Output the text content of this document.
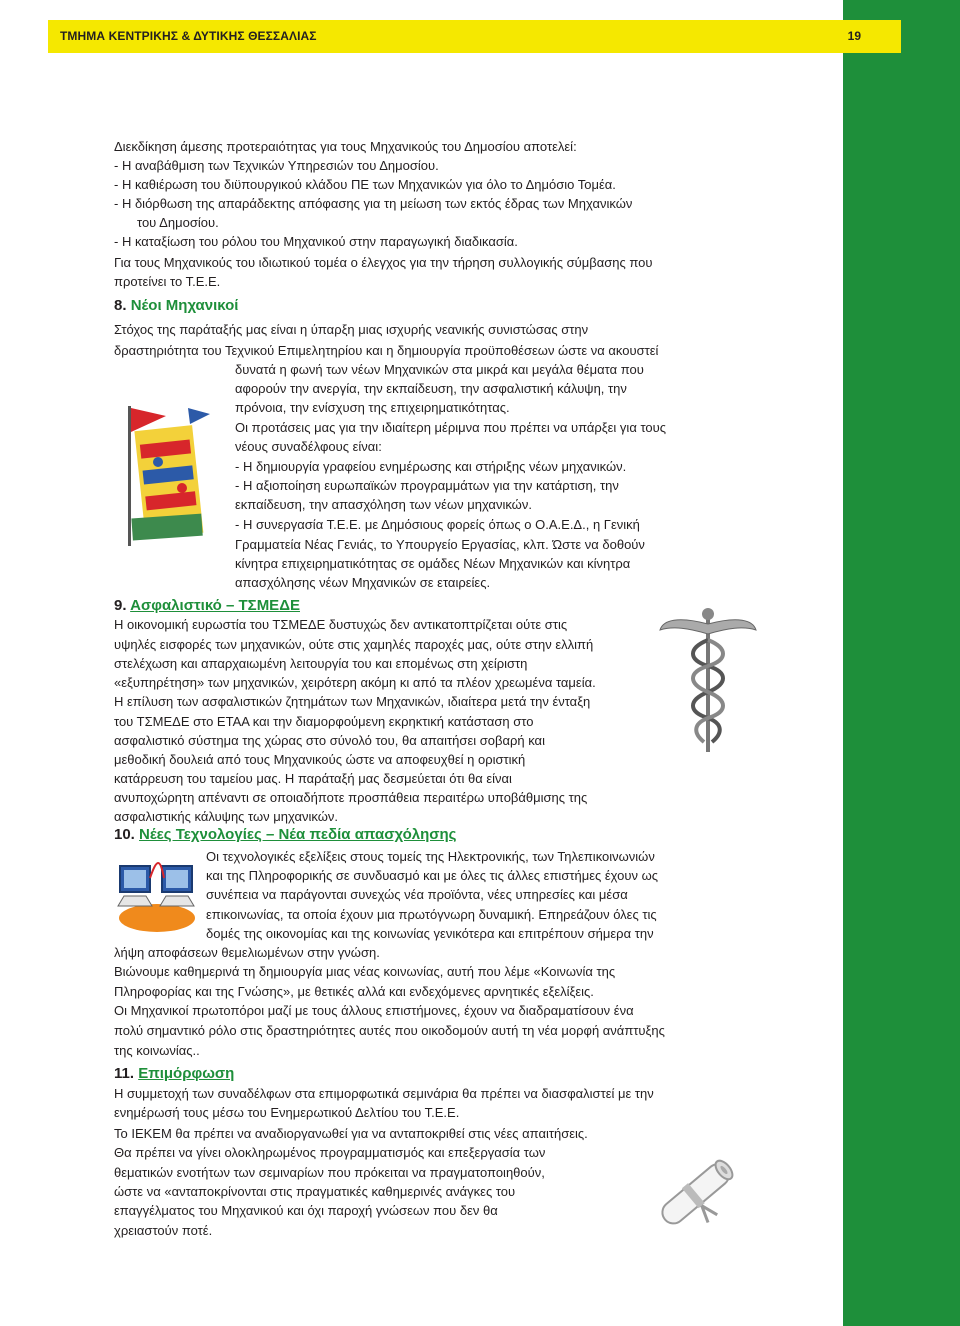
ΤΜΗΜΑ ΚΕΝΤΡΙΚΗΣ & ΔΥΤΙΚΗΣ ΘΕΣΣΑΛΙΑΣ	19
Διεκδίκηση άμεσης προτεραιότητας για τους Μηχανικούς του Δημοσίου αποτελεί:
- Η αναβάθμιση των Τεχνικών Υπηρεσιών του Δημοσίου.
- Η καθιέρωση του διϋπουργικού κλάδου ΠΕ των Μηχανικών για όλο το Δημόσιο Τομέα.
- Η διόρθωση της απαράδεκτης απόφασης για τη μείωση των εκτός έδρας των Μηχανικών
του Δημοσίου.
- Η καταξίωση του ρόλου του Μηχανικού στην παραγωγική διαδικασία.
Για τους Μηχανικούς του ιδιωτικού τομέα ο έλεγχος για την τήρηση συλλογικής σύμβασης που
προτείνει το Τ.Ε.Ε.
8. Νέοι Μηχανικοί
Στόχος της παράταξής μας είναι η ύπαρξη μιας ισχυρής νεανικής συνιστώσας στην
δραστηριότητα του Τεχνικού Επιμελητηρίου και η δημιουργία προϋποθέσεων ώστε να ακουστεί
δυνατά η φωνή των νέων Μηχανικών στα μικρά και μεγάλα θέματα που
αφορούν την ανεργία, την εκπαίδευση, την ασφαλιστική κάλυψη, την
πρόνοια, την ενίσχυση της επιχειρηματικότητας.
Οι προτάσεις μας για την ιδιαίτερη μέριμνα που πρέπει να υπάρξει για τους
νέους συναδέλφους είναι:
- Η δημιουργία γραφείου ενημέρωσης και στήριξης νέων μηχανικών.
- Η αξιοποίηση ευρωπαϊκών προγραμμάτων για την κατάρτιση, την
εκπαίδευση, την απασχόληση των νέων μηχανικών.
- Η συνεργασία Τ.Ε.Ε. με Δημόσιους φορείς όπως ο Ο.Α.Ε.Δ., η Γενική
Γραμματεία Νέας Γενιάς, το Υπουργείο Εργασίας, κλπ. Ώστε να δοθούν
κίνητρα επιχειρηματικότητας σε ομάδες Νέων Μηχανικών και κίνητρα
απασχόλησης νέων Μηχανικών σε εταιρείες.
9. Ασφαλιστικό – ΤΣΜΕΔΕ
Η οικονομική ευρωστία του ΤΣΜΕΔΕ δυστυχώς δεν αντικατοπτρίζεται ούτε στις
υψηλές εισφορές των μηχανικών, ούτε στις χαμηλές παροχές μας, ούτε στην ελλιπή
στελέχωση και απαρχαιωμένη λειτουργία του και επομένως στη χείριστη
«εξυπηρέτηση» των μηχανικών, χειρότερη ακόμη κι από τα πλέον χρεωμένα ταμεία.
Η επίλυση των ασφαλιστικών ζητημάτων των Μηχανικών, ιδιαίτερα μετά την ένταξη
του ΤΣΜΕΔΕ στο ΕΤΑΑ και την διαμορφούμενη εκρηκτική κατάσταση στο
ασφαλιστικό σύστημα της χώρας στο σύνολό του, θα απαιτήσει σοβαρή και
μεθοδική δουλειά από τους Μηχανικούς ώστε να αποφευχθεί η οριστική
κατάρρευση του ταμείου μας. Η παράταξή μας δεσμεύεται ότι θα είναι
ανυποχώρητη απέναντι σε οποιαδήποτε προσπάθεια περαιτέρω υποβάθμισης της
ασφαλιστικής κάλυψης των μηχανικών.
10. Νέες Τεχνολογίες – Νέα πεδία απασχόλησης
Οι τεχνολογικές εξελίξεις στους τομείς της Ηλεκτρονικής, των Τηλεπικοινωνιών
και της Πληροφορικής σε συνδυασμό και με όλες τις άλλες επιστήμες έχουν ως
συνέπεια να παράγονται συνεχώς νέα προϊόντα, νέες υπηρεσίες και μέσα
επικοινωνίας, τα οποία έχουν μια πρωτόγνωρη δυναμική. Επηρεάζουν όλες τις
δομές της οικονομίας και της κοινωνίας γενικότερα και επιτρέπουν σήμερα την
λήψη αποφάσεων θεμελιωμένων στην γνώση.
Βιώνουμε καθημερινά τη δημιουργία μιας νέας κοινωνίας, αυτή που λέμε «Κοινωνία της
Πληροφορίας και της Γνώσης», με θετικές αλλά και ενδεχόμενες αρνητικές εξελίξεις.
Οι Μηχανικοί πρωτοπόροι μαζί με τους άλλους επιστήμονες, έχουν να διαδραματίσουν ένα
πολύ σημαντικό ρόλο στις δραστηριότητες αυτές που οικοδομούν αυτή τη νέα μορφή ανάπτυξης
της κοινωνίας..
11. Επιμόρφωση
Η συμμετοχή των συναδέλφων στα επιμορφωτικά σεμινάρια θα πρέπει να διασφαλιστεί με την
ενημέρωσή τους μέσω του Ενημερωτικού Δελτίου του Τ.Ε.Ε.
Το ΙΕΚΕΜ θα πρέπει να αναδιοργανωθεί για να ανταποκριθεί στις νέες απαιτήσεις.
Θα πρέπει να γίνει ολοκληρωμένος προγραμματισμός και επεξεργασία των
θεματικών ενοτήτων των σεμιναρίων που πρόκειται να πραγματοποιηθούν,
ώστε να «ανταποκρίνονται στις πραγματικές καθημερινές ανάγκες του
επαγγέλματος του Μηχανικού και όχι παροχή γνώσεων που δεν θα
χρειαστούν ποτέ.
